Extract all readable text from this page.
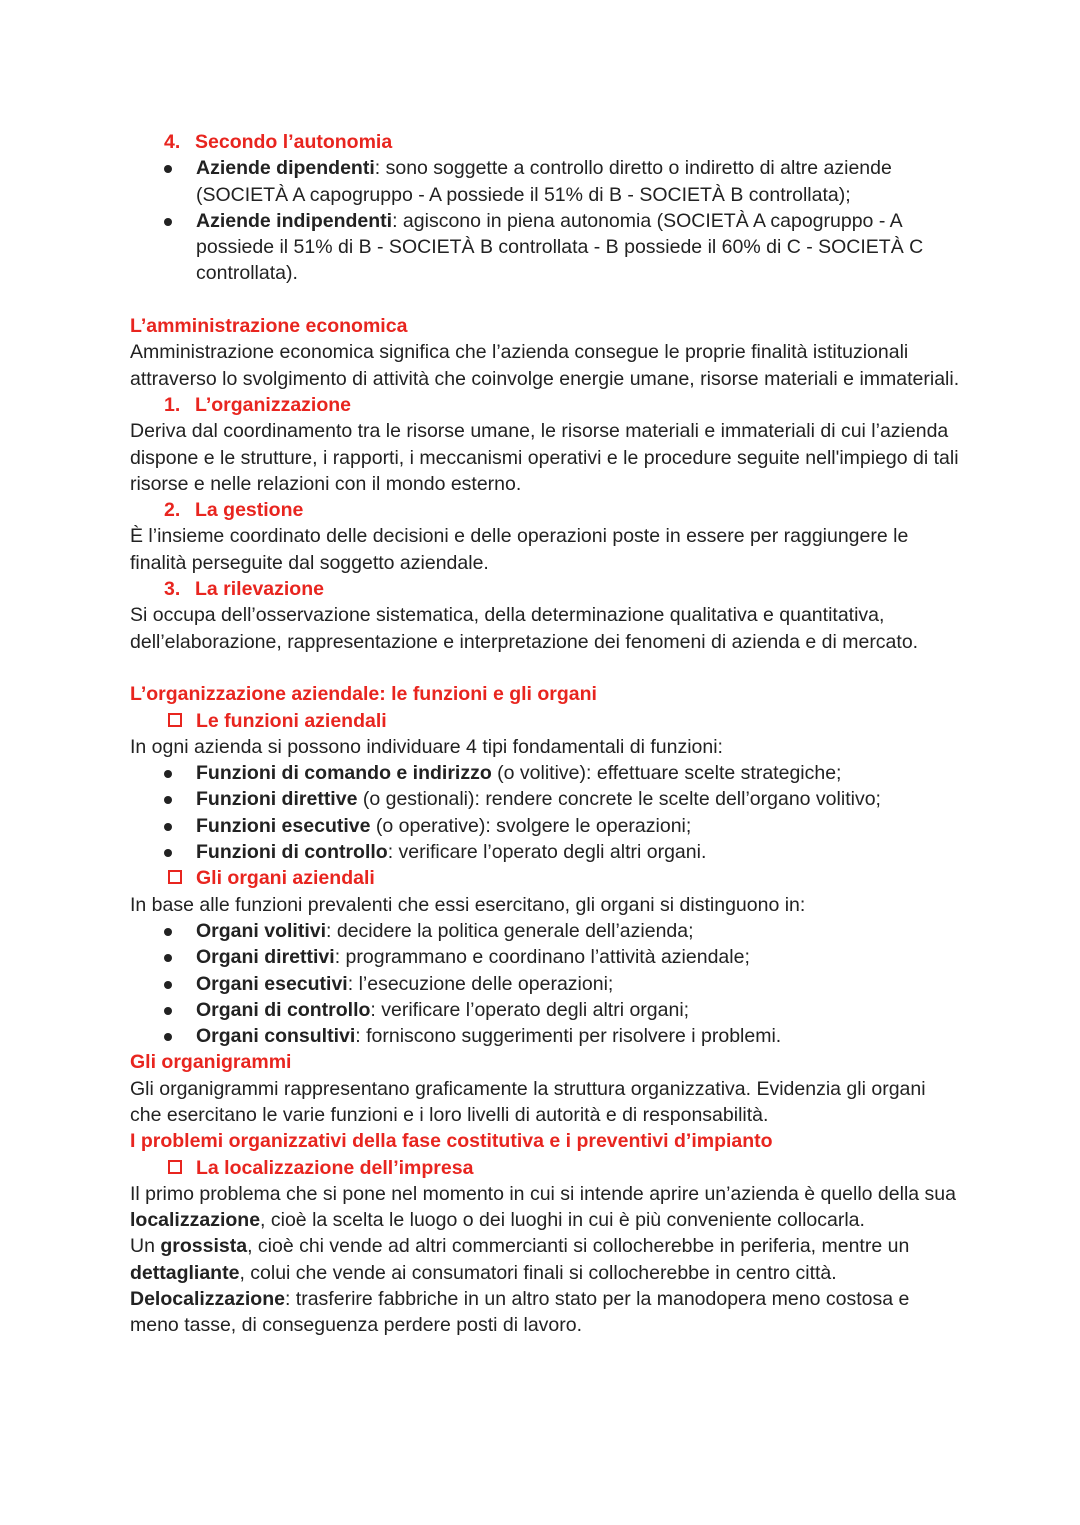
4. Secondo l’autonomia
Aziende dipendenti: sono soggette a controllo diretto o indiretto di altre aziende (SOCIETÀ A capogruppo - A possiede il 51% di B - SOCIETÀ B controllata);
Aziende indipendenti: agiscono in piena autonomia (SOCIETÀ A capogruppo - A possiede il 51% di B - SOCIETÀ B controllata - B possiede il 60% di C - SOCIETÀ C controllata).
L’amministrazione economica

Amministrazione economica significa che l’azienda consegue le proprie finalità istituzionali attraverso lo svolgimento di attività che coinvolge energie umane, risorse materiali e immateriali.

1. L’organizzazione

Deriva dal coordinamento tra le risorse umane, le risorse materiali e immateriali di cui l’azienda dispone e le strutture, i rapporti, i meccanismi operativi e le procedure seguite nell'impiego di tali risorse e nelle relazioni con il mondo esterno.

2. La gestione

È l’insieme coordinato delle decisioni e delle operazioni poste in essere per raggiungere le finalità perseguite dal soggetto aziendale.

3. La rilevazione

Si occupa dell’osservazione sistematica, della determinazione qualitativa e quantitativa, dell’elaborazione, rappresentazione e interpretazione dei fenomeni di azienda e di mercato.

L’organizzazione aziendale: le funzioni e gli organi
Le funzioni aziendali

In ogni azienda si possono individuare 4 tipi fondamentali di funzioni:

Funzioni di comando e indirizzo (o volitive): effettuare scelte strategiche;
Funzioni direttive (o gestionali): rendere concrete le scelte dell’organo volitivo;
Funzioni esecutive (o operative): svolgere le operazioni;
Funzioni di controllo: verificare l’operato degli altri organi.
Gli organi aziendali

In base alle funzioni prevalenti che essi esercitano, gli organi si distinguono in:

Organi volitivi: decidere la politica generale dell’azienda;
Organi direttivi: programmano e coordinano l’attività aziendale;
Organi esecutivi: l’esecuzione delle operazioni;
Organi di controllo: verificare l’operato degli altri organi;
Organi consultivi: forniscono suggerimenti per risolvere i problemi.
Gli organigrammi

Gli organigrammi rappresentano graficamente la struttura organizzativa. Evidenzia gli organi che esercitano le varie funzioni e i loro livelli di autorità e di responsabilità.

I problemi organizzativi della fase costitutiva e i preventivi d’impianto
La localizzazione dell’impresa

Il primo problema che si pone nel momento in cui si intende aprire un’azienda è quello della sua localizzazione, cioè la scelta le luogo o dei luoghi in cui è più conveniente collocarla.

Un grossista, cioè chi vende ad altri commercianti si collocherebbe in periferia, mentre un dettagliante, colui che vende ai consumatori finali si collocherebbe in centro città.

Delocalizzazione: trasferire fabbriche in un altro stato per la manodopera meno costosa e meno tasse, di conseguenza perdere posti di lavoro.
